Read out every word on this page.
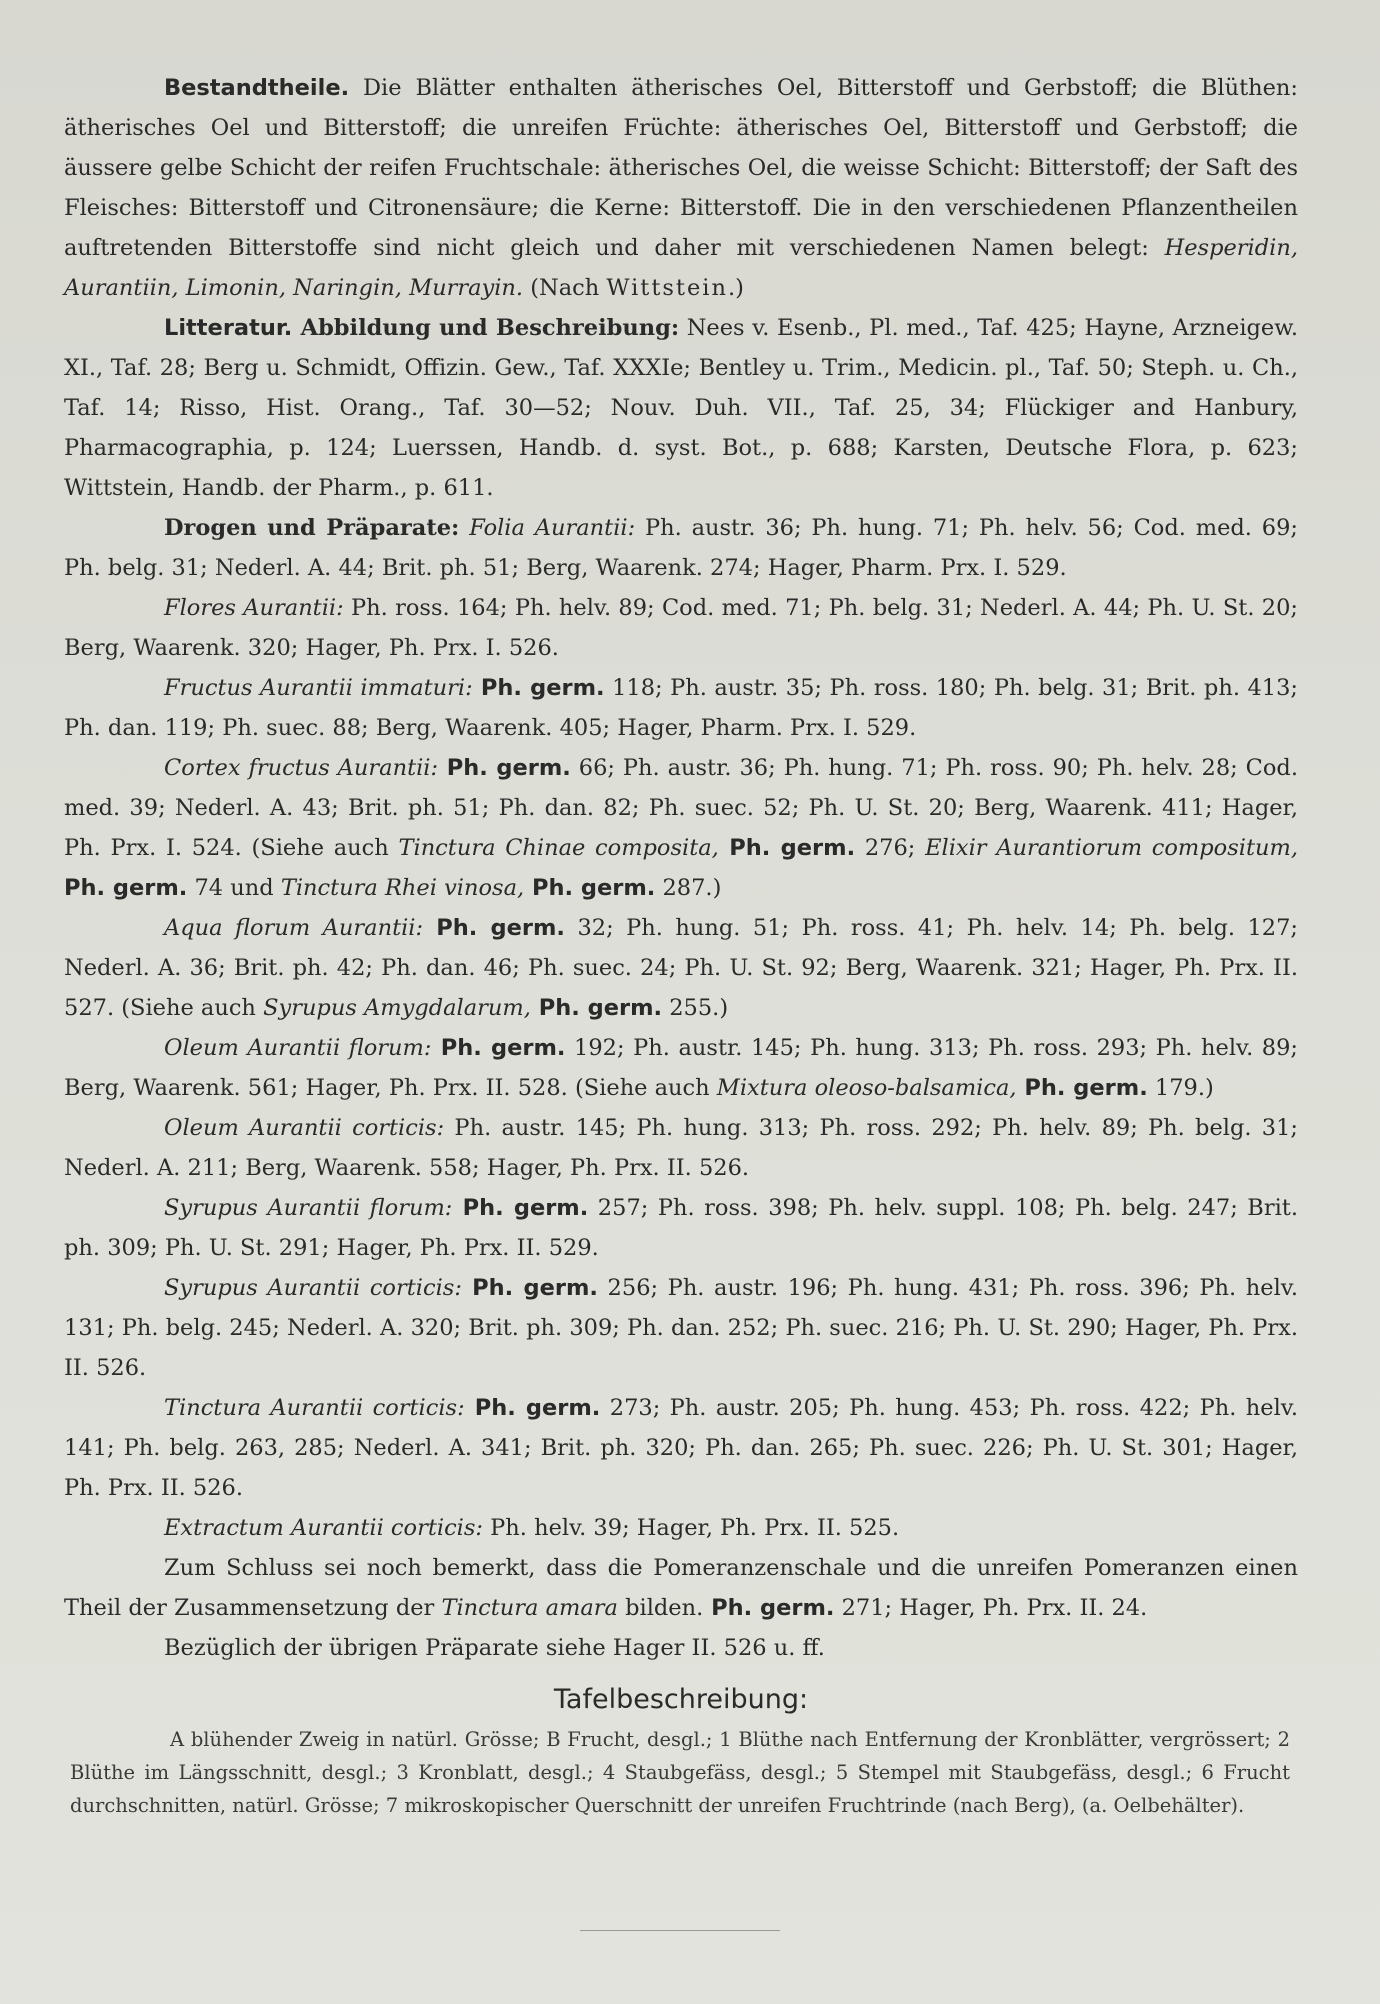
Bestandtheile. Die Blätter enthalten ätherisches Oel, Bitterstoff und Gerbstoff; die Blüthen: ätherisches Oel und Bitterstoff; die unreifen Früchte: ätherisches Oel, Bitterstoff und Gerbstoff; die äussere gelbe Schicht der reifen Fruchtschale: ätherisches Oel, die weisse Schicht: Bitterstoff; der Saft des Fleisches: Bitterstoff und Citronensäure; die Kerne: Bitterstoff. Die in den verschiedenen Pflanzentheilen auftretenden Bitterstoffe sind nicht gleich und daher mit verschiedenen Namen belegt: Hesperidin, Aurantiin, Limonin, Naringin, Murrayin. (Nach Wittstein.)

Litteratur. Abbildung und Beschreibung: Nees v. Esenb., Pl. med., Taf. 425; Hayne, Arzneigew. XI., Taf. 28; Berg u. Schmidt, Offizin. Gew., Taf. XXXIe; Bentley u. Trim., Medicin. pl., Taf. 50; Steph. u. Ch., Taf. 14; Risso, Hist. Orang., Taf. 30—52; Nouv. Duh. VII., Taf. 25, 34; Flückiger and Hanbury, Pharmacographia, p. 124; Luerssen, Handb. d. syst. Bot., p. 688; Karsten, Deutsche Flora, p. 623; Wittstein, Handb. der Pharm., p. 611.

Drogen und Präparate: Folia Aurantii: Ph. austr. 36; Ph. hung. 71; Ph. helv. 56; Cod. med. 69; Ph. belg. 31; Nederl. A. 44; Brit. ph. 51; Berg, Waarenk. 274; Hager, Pharm. Prx. I. 529.

Flores Aurantii: Ph. ross. 164; Ph. helv. 89; Cod. med. 71; Ph. belg. 31; Nederl. A. 44; Ph. U. St. 20; Berg, Waarenk. 320; Hager, Ph. Prx. I. 526.

Fructus Aurantii immaturi: Ph. germ. 118; Ph. austr. 35; Ph. ross. 180; Ph. belg. 31; Brit. ph. 413; Ph. dan. 119; Ph. suec. 88; Berg, Waarenk. 405; Hager, Pharm. Prx. I. 529.

Cortex fructus Aurantii: Ph. germ. 66; Ph. austr. 36; Ph. hung. 71; Ph. ross. 90; Ph. helv. 28; Cod. med. 39; Nederl. A. 43; Brit. ph. 51; Ph. dan. 82; Ph. suec. 52; Ph. U. St. 20; Berg, Waarenk. 411; Hager, Ph. Prx. I. 524. (Siehe auch Tinctura Chinae composita, Ph. germ. 276; Elixir Aurantiorum compositum, Ph. germ. 74 und Tinctura Rhei vinosa, Ph. germ. 287.)

Aqua florum Aurantii: Ph. germ. 32; Ph. hung. 51; Ph. ross. 41; Ph. helv. 14; Ph. belg. 127; Nederl. A. 36; Brit. ph. 42; Ph. dan. 46; Ph. suec. 24; Ph. U. St. 92; Berg, Waarenk. 321; Hager, Ph. Prx. II. 527. (Siehe auch Syrupus Amygdalarum, Ph. germ. 255.)

Oleum Aurantii florum: Ph. germ. 192; Ph. austr. 145; Ph. hung. 313; Ph. ross. 293; Ph. helv. 89; Berg, Waarenk. 561; Hager, Ph. Prx. II. 528. (Siehe auch Mixtura oleoso-balsamica, Ph. germ. 179.)

Oleum Aurantii corticis: Ph. austr. 145; Ph. hung. 313; Ph. ross. 292; Ph. helv. 89; Ph. belg. 31; Nederl. A. 211; Berg, Waarenk. 558; Hager, Ph. Prx. II. 526.

Syrupus Aurantii florum: Ph. germ. 257; Ph. ross. 398; Ph. helv. suppl. 108; Ph. belg. 247; Brit. ph. 309; Ph. U. St. 291; Hager, Ph. Prx. II. 529.

Syrupus Aurantii corticis: Ph. germ. 256; Ph. austr. 196; Ph. hung. 431; Ph. ross. 396; Ph. helv. 131; Ph. belg. 245; Nederl. A. 320; Brit. ph. 309; Ph. dan. 252; Ph. suec. 216; Ph. U. St. 290; Hager, Ph. Prx. II. 526.

Tinctura Aurantii corticis: Ph. germ. 273; Ph. austr. 205; Ph. hung. 453; Ph. ross. 422; Ph. helv. 141; Ph. belg. 263, 285; Nederl. A. 341; Brit. ph. 320; Ph. dan. 265; Ph. suec. 226; Ph. U. St. 301; Hager, Ph. Prx. II. 526.

Extractum Aurantii corticis: Ph. helv. 39; Hager, Ph. Prx. II. 525.

Zum Schluss sei noch bemerkt, dass die Pomeranzenschale und die unreifen Pomeranzen einen Theil der Zusammensetzung der Tinctura amara bilden. Ph. germ. 271; Hager, Ph. Prx. II. 24.

Bezüglich der übrigen Präparate siehe Hager II. 526 u. ff.

Tafelbeschreibung:

A blühender Zweig in natürl. Grösse; B Frucht, desgl.; 1 Blüthe nach Entfernung der Kronblätter, vergrössert; 2 Blüthe im Längsschnitt, desgl.; 3 Kronblatt, desgl.; 4 Staubgefäss, desgl.; 5 Stempel mit Staubgefäss, desgl.; 6 Frucht durchschnitten, natürl. Grösse; 7 mikroskopischer Querschnitt der unreifen Fruchtrinde (nach Berg), (a. Oelbehälter).
